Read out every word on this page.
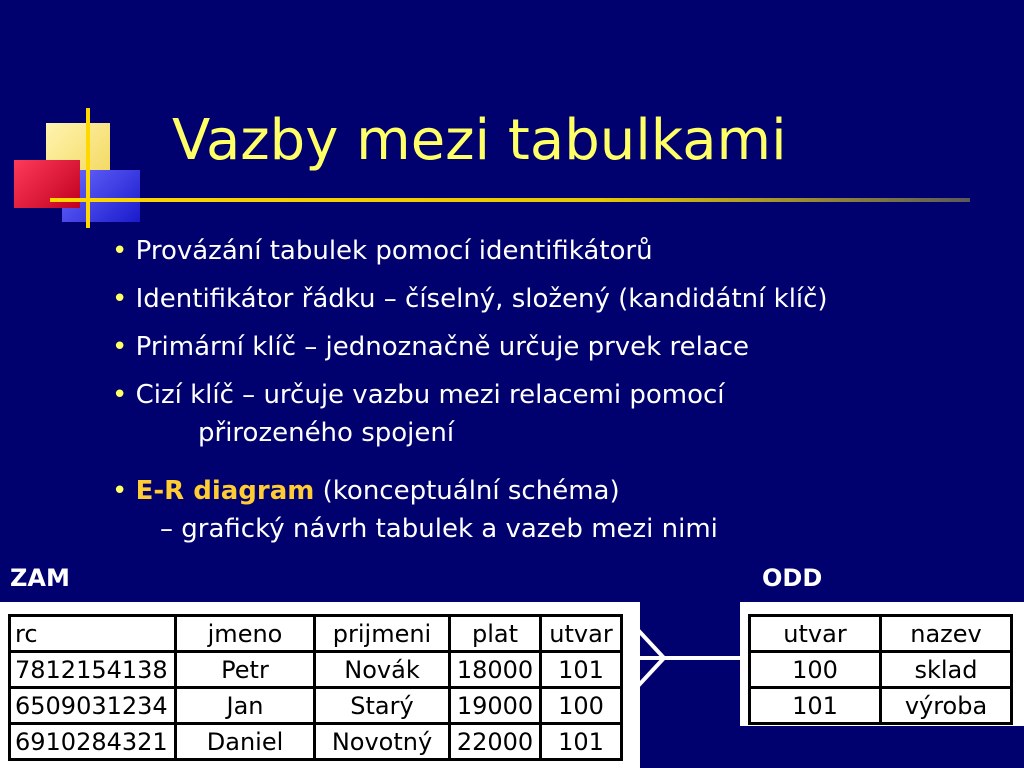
Vazby mezi tabulkami
• Provázání tabulek pomocí identifikátorů
• Identifikátor řádku – číselný, složený (kandidátní klíč)
• Primární klíč – jednoznačně určuje prvek relace
• Cizí klíč – určuje vazbu mezi relacemi pomocí
přirozeného spojení
• E-R diagram (konceptuální schéma)
– grafický návrh tabulek a vazeb mezi nimi
ZAM	ODD
rc	jmeno	prijmeni	plat	utvar
7812154138	Petr	Novák	18000	101
6509031234	Jan	Starý	19000	100
6910284321	Daniel	Novotný	22000	101
utvar	nazev
100	sklad
101	výroba
